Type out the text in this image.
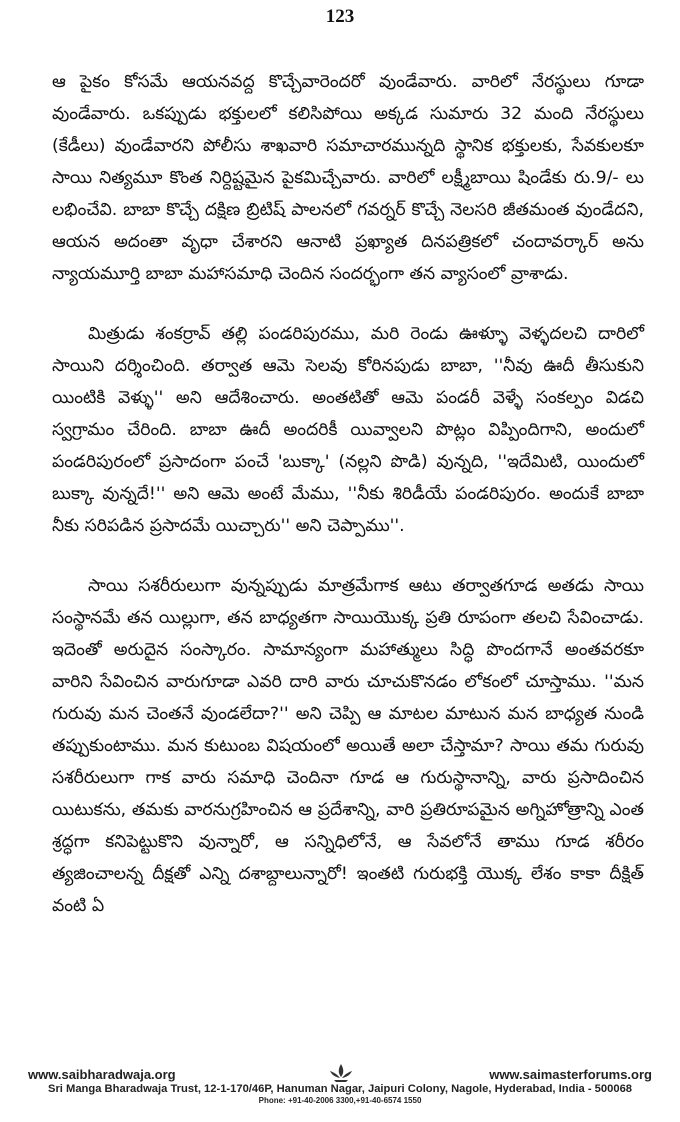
123

ఆ పైకం కోసమే ఆయనవద్ద కొచ్చేవారెందరో వుండేవారు. వారిలో నేరస్థులు గూడా వుండేవారు. ఒకప్పుడు భక్తులలో కలిసిపోయి అక్కడ సుమారు 32 మంది నేరస్థులు (కేడీలు) వుండేవారని పోలీసు శాఖవారి సమాచారమున్నది స్థానిక భక్తులకు, సేవకులకూ సాయి నిత్యమూ కొంత నిర్దిష్టమైన పైకమిచ్చేవారు. వారిలో లక్ష్మీబాయి షిండేకు రు.9/- లు లభించేవి. బాబా కొచ్చే దక్షిణ బ్రిటిష్ పాలనలో గవర్నర్ కొచ్చే నెలసరి జీతమంత వుండేదని, ఆయన అదంతా వృధా చేశారని ఆనాటి ప్రఖ్యాత దినపత్రికలో చందావర్కార్ అను న్యాయమూర్తి బాబా మహాసమాధి చెందిన సందర్భంగా తన వ్యాసంలో వ్రాశాడు.

మిత్రుడు శంకర్రావ్ తల్లి పండరిపురము, మరి రెండు ఊళ్ళూ వెళ్ళదలచి దారిలో సాయిని దర్శించింది. తర్వాత ఆమె సెలవు కోరినపుడు బాబా, ''నీవు ఊదీ తీసుకుని యింటికి వెళ్ళు'' అని ఆదేశించారు. అంతటితో ఆమె పండరీ వెళ్ళే సంకల్పం విడచి స్వగ్రామం చేరింది. బాబా ఊదీ అందరికీ యివ్వాలని పొట్లం విప్పిందిగాని, అందులో పండరిపురంలో ప్రసాదంగా పంచే 'బుక్కా' (నల్లని పొడి) వున్నది, ''ఇదేమిటి, యిందులో బుక్కా వున్నదే!'' అని ఆమె అంటే మేము, ''నీకు శిరిడీయే పండరిపురం. అందుకే బాబా నీకు సరిపడిన ప్రసాదమే యిచ్చారు'' అని చెప్పాము''.

సాయి సశరీరులుగా వున్నప్పుడు మాత్రమేగాక ఆటు తర్వాతగూడ అతడు సాయి సంస్థానమే తన యిల్లుగా, తన బాధ్యతగా సాయియొక్క ప్రతి రూపంగా తలచి సేవించాడు. ఇదెంతో అరుదైన సంస్కారం. సామాన్యంగా మహాత్ములు సిద్ధి పొందగానే అంతవరకూ వారిని సేవించిన వారుగూడా ఎవరి దారి వారు చూచుకొనడం లోకంలో చూస్తాము. ''మన గురువు మన చెంతనే వుండలేదా?'' అని చెప్పి ఆ మాటల మాటున మన బాధ్యత నుండి తప్పుకుంటాము. మన కుటుంబ విషయంలో అయితే అలా చేస్తామా? సాయి తమ గురువు సశరీరులుగా గాక వారు సమాధి చెందినా గూడ ఆ గురుస్థానాన్ని, వారు ప్రసాదించిన యిటుకను, తమకు వారనుగ్రహించిన ఆ ప్రదేశాన్ని, వారి ప్రతిరూపమైన అగ్నిహోత్రాన్ని ఎంత శ్రద్ధగా కనిపెట్టుకొని వున్నారో, ఆ సన్నిధిలోనే, ఆ సేవలోనే తాము గూడ శరీరం త్యజించాలన్న దీక్షతో ఎన్ని దశాబ్దాలున్నారో! ఇంతటి గురుభక్తి యొక్క లేశం కాకా దీక్షిత్ వంటి ఏ

www.saibharadwaja.org	www.saimasterforums.org
Sri Manga Bharadwaja Trust, 12-1-170/46P, Hanuman Nagar, Jaipuri Colony, Nagole, Hyderabad, India - 500068
Phone: +91-40-2006 3300,+91-40-6574 1550
